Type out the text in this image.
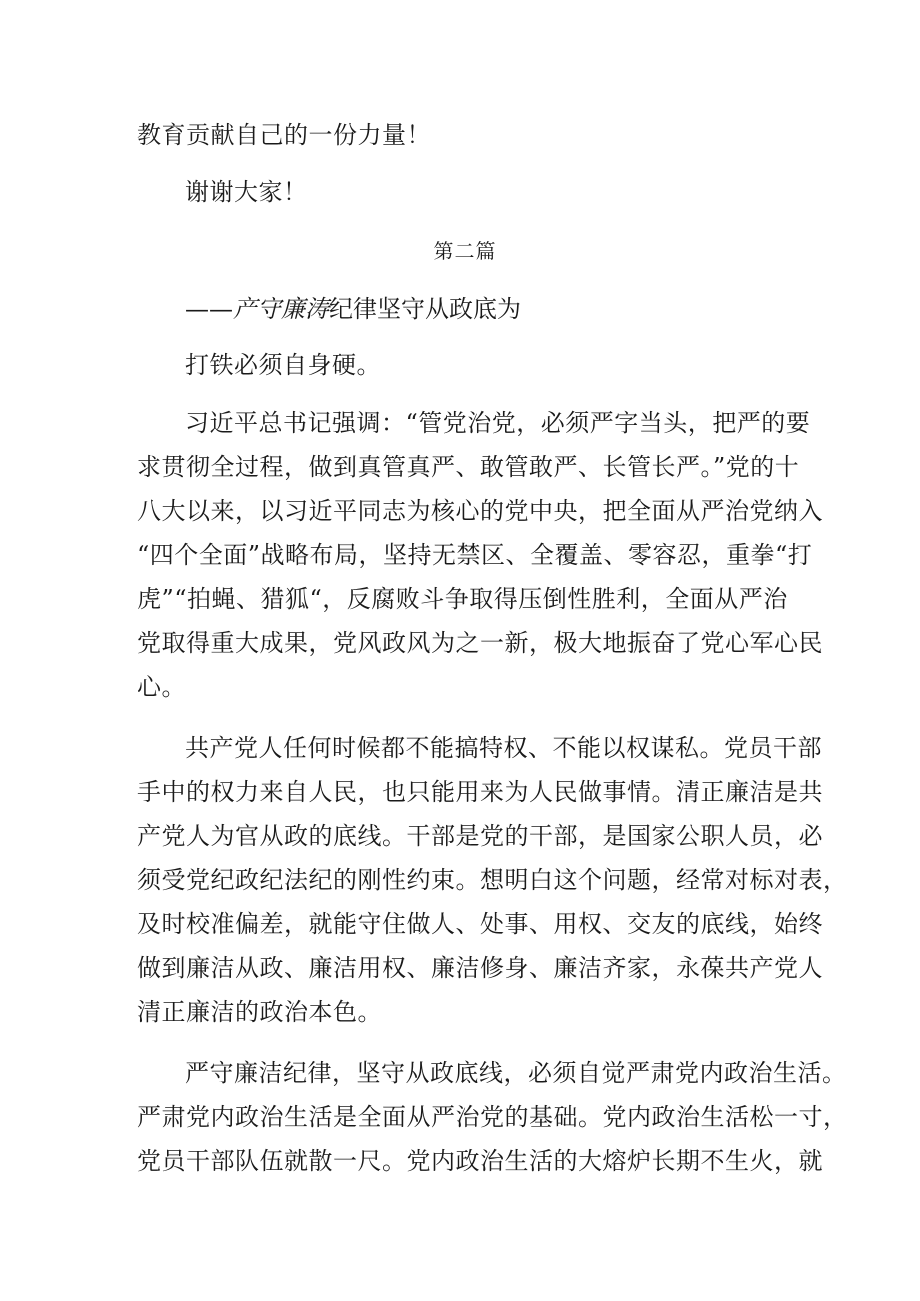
教育贡献自己的一份力量！
谢谢大家！
第二篇
——产守廉涛纪律坚守从政底为
打铁必须自身硬。
习近平总书记强调：“管党治党，必须严字当头，把严的要
求贯彻全过程，做到真管真严、敢管敢严、长管长严。”党的十
八大以来，以习近平同志为核心的党中央，把全面从严治党纳入
“四个全面”战略布局，坚持无禁区、全覆盖、零容忍，重拳“打
虎”“拍蝇、猎狐“，反腐败斗争取得压倒性胜利，全面从严治
党取得重大成果，党风政风为之一新，极大地振奋了党心军心民
心。
共产党人任何时候都不能搞特权、不能以权谋私。党员干部
手中的权力来自人民，也只能用来为人民做事情。清正廉洁是共
产党人为官从政的底线。干部是党的干部，是国家公职人员，必
须受党纪政纪法纪的刚性约束。想明白这个问题，经常对标对表，
及时校准偏差，就能守住做人、处事、用权、交友的底线，始终
做到廉洁从政、廉洁用权、廉洁修身、廉洁齐家，永葆共产党人
清正廉洁的政治本色。
严守廉洁纪律，坚守从政底线，必须自觉严肃党内政治生活。
严肃党内政治生活是全面从严治党的基础。党内政治生活松一寸，
党员干部队伍就散一尺。党内政治生活的大熔炉长期不生火，就
